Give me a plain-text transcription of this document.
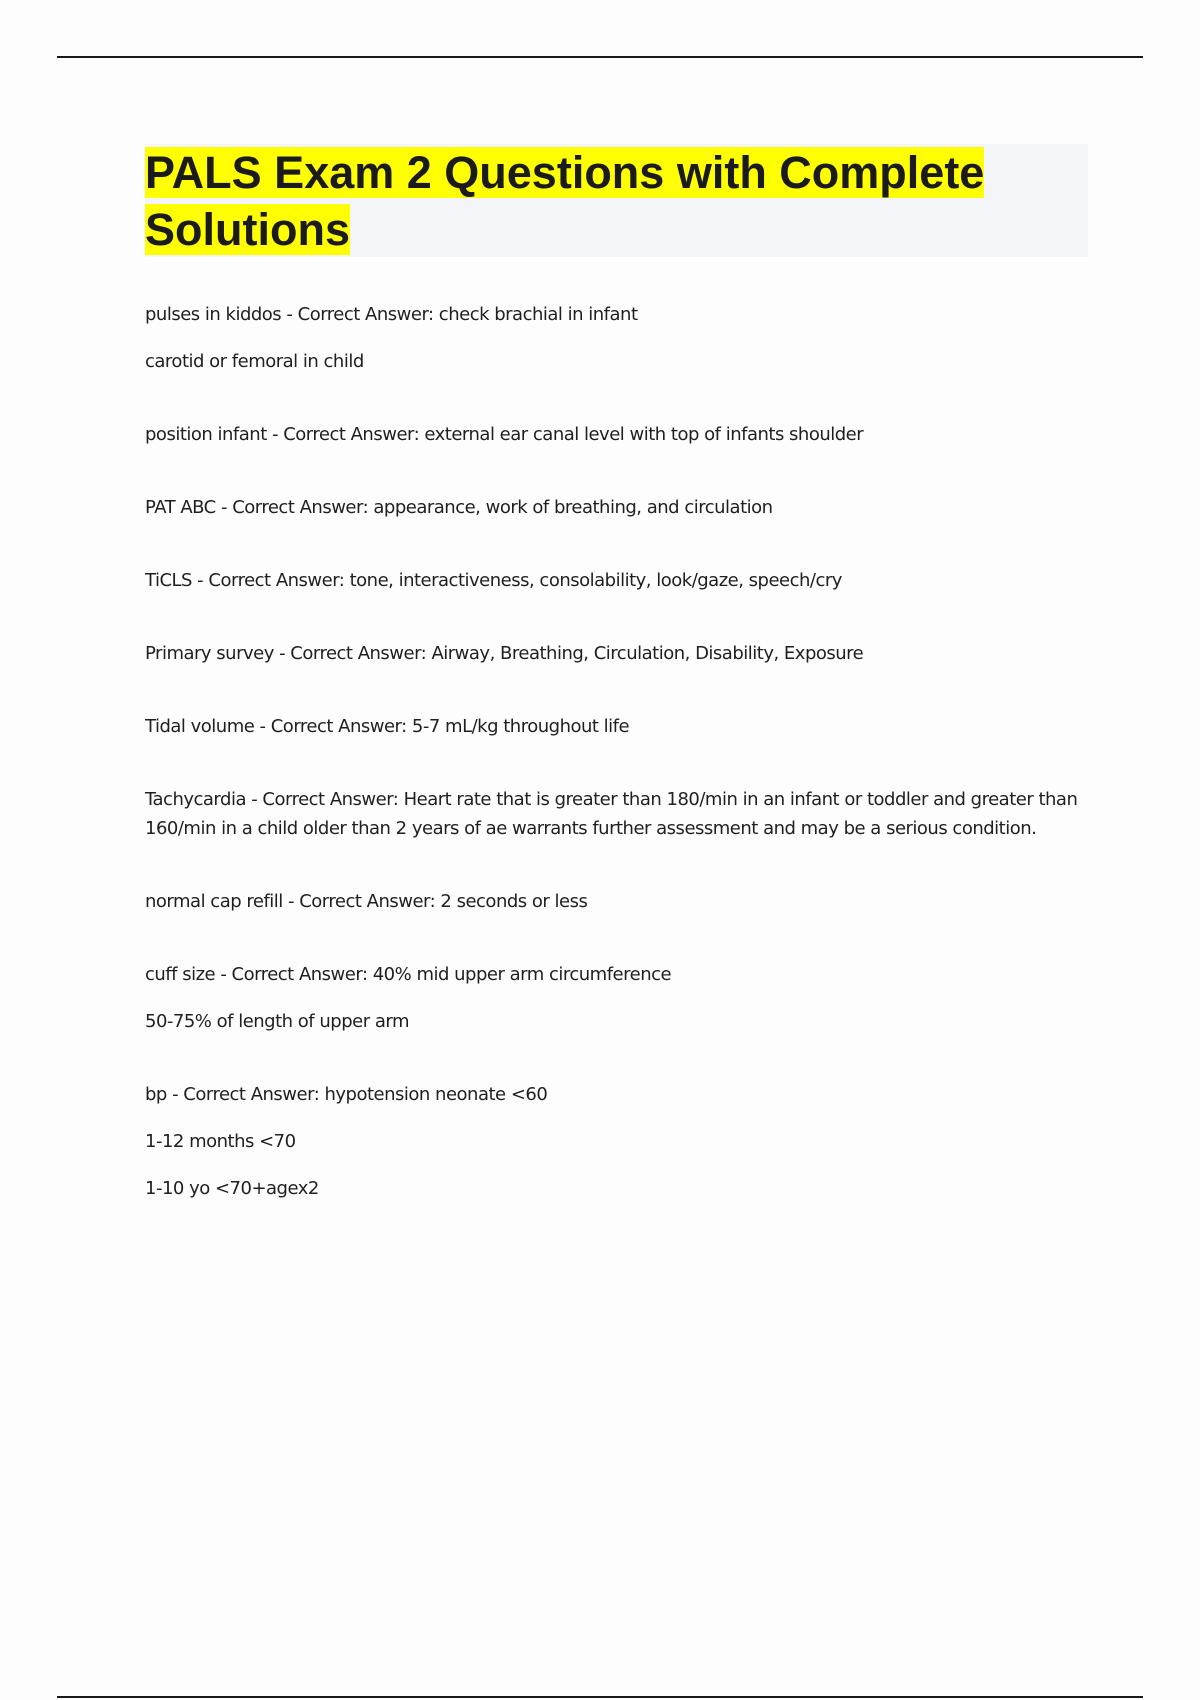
PALS Exam 2 Questions with Complete Solutions

pulses in kiddos - Correct Answer: check brachial in infant

carotid or femoral in child

position infant - Correct Answer: external ear canal level with top of infants shoulder

PAT ABC - Correct Answer: appearance, work of breathing, and circulation

TiCLS - Correct Answer: tone, interactiveness, consolability, look/gaze, speech/cry

Primary survey - Correct Answer: Airway, Breathing, Circulation, Disability, Exposure

Tidal volume - Correct Answer: 5-7 mL/kg throughout life

Tachycardia - Correct Answer: Heart rate that is greater than 180/min in an infant or toddler and greater than 160/min in a child older than 2 years of ae warrants further assessment and may be a serious condition.

normal cap refill - Correct Answer: 2 seconds or less

cuff size - Correct Answer: 40% mid upper arm circumference

50-75% of length of upper arm

bp - Correct Answer: hypotension neonate <60

1-12 months <70

1-10 yo <70+agex2
